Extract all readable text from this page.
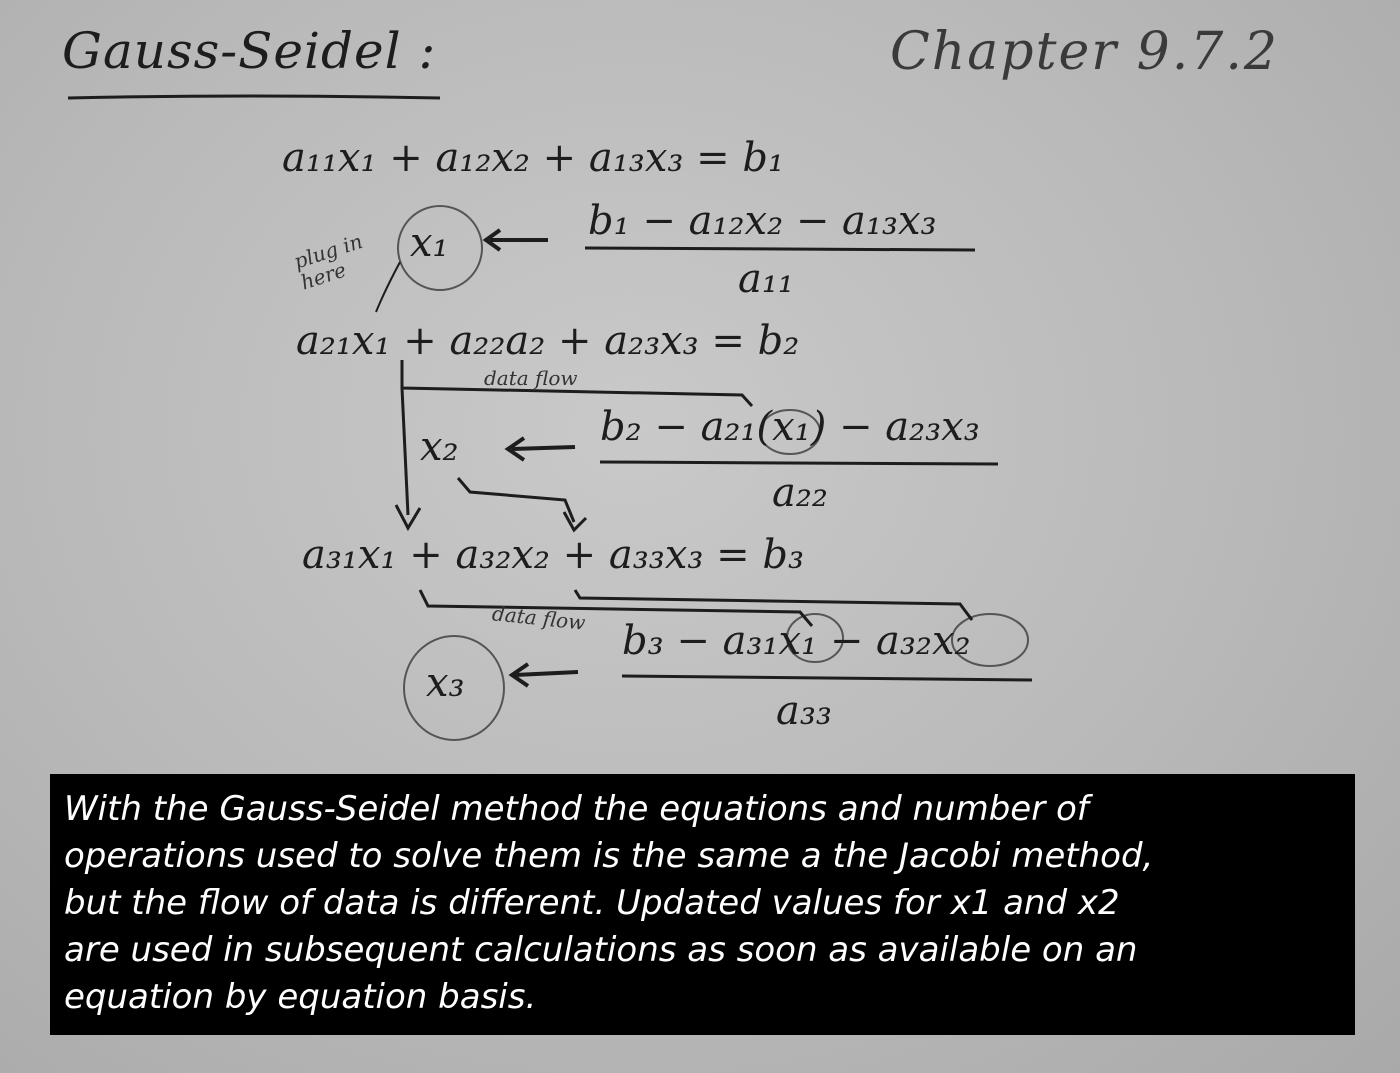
Gauss-Seidel :	Chapter 9.7.2
a₁₁x₁ + a₁₂x₂ + a₁₃x₃ = b₁
x₁	b₁ − a₁₂x₂ − a₁₃x₃
a₁₁
plug in here
a₂₁x₁ + a₂₂a₂ + a₂₃x₃ = b₂
data flow
x₂	b₂ − a₂₁(x₁) − a₂₃x₃
a₂₂
a₃₁x₁ + a₃₂x₂ + a₃₃x₃ = b₃
data flow
x₃
b₃ − a₃₁x₁ − a₃₂x₂
a₃₃
With the Gauss-Seidel method the equations and number of
operations used to solve them is the same a the Jacobi method,
but the flow of data is different. Updated values for x1 and x2
are used in subsequent calculations as soon as available on an
equation by equation basis.
